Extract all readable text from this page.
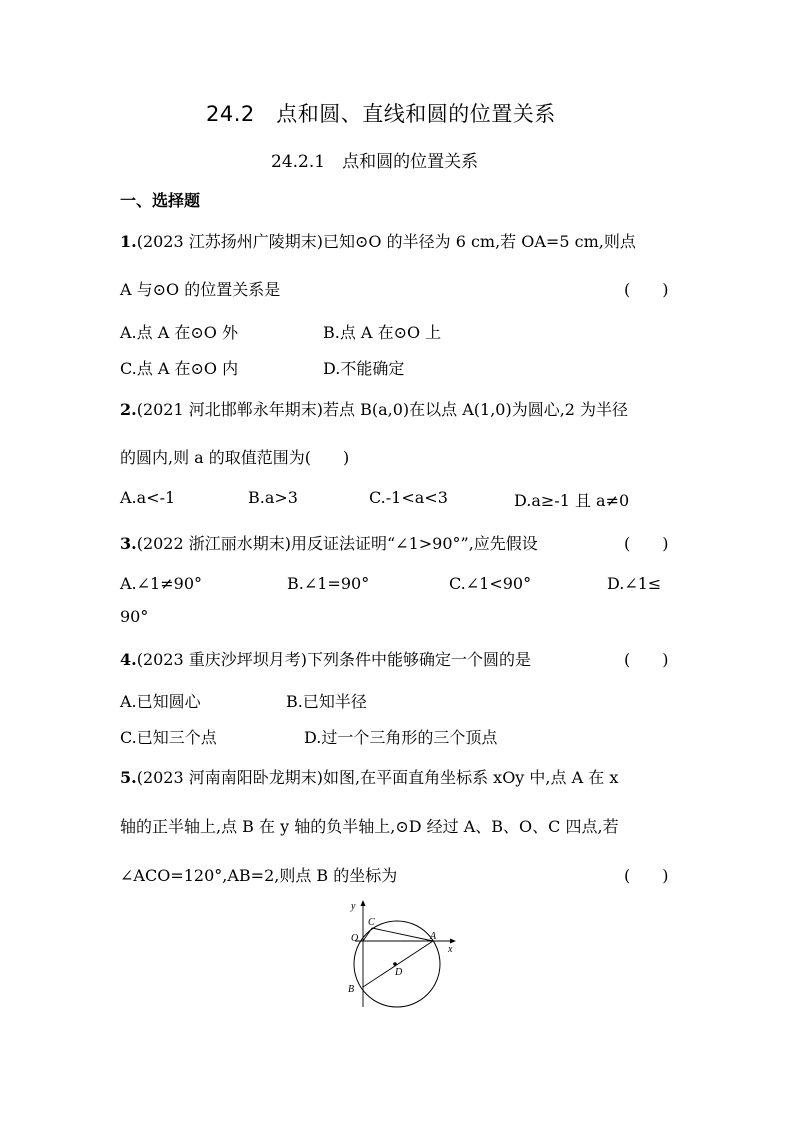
24.2　点和圆、直线和圆的位置关系
24.2.1　点和圆的位置关系
一、选择题
1.(2023 江苏扬州广陵期末)已知⊙O 的半径为 6 cm,若 OA=5 cm,则点
A 与⊙O 的位置关系是	(　　)
A.点 A 在⊙O 外	B.点 A 在⊙O 上
C.点 A 在⊙O 内	D.不能确定
2.(2021 河北邯郸永年期末)若点 B(a,0)在以点 A(1,0)为圆心,2 为半径
的圆内,则 a 的取值范围为(　　)
A.a<-1	B.a>3	C.-1<a<3	D.a≥-1 且 a≠0
3.(2022 浙江丽水期末)用反证法证明“∠1>90°”,应先假设	(　　)
A.∠1≠90°	B.∠1=90°	C.∠1<90°	D.∠1≤
90°
4.(2023 重庆沙坪坝月考)下列条件中能够确定一个圆的是	(　　)
A.已知圆心	B.已知半径
C.已知三个点	D.过一个三角形的三个顶点
5.(2023 河南南阳卧龙期末)如图,在平面直角坐标系 xOy 中,点 A 在 x
轴的正半轴上,点 B 在 y 轴的负半轴上,⊙D 经过 A、B、O、C 四点,若
∠ACO=120°,AB=2,则点 B 的坐标为	(　　)
y
x
O
C
A
B
D
